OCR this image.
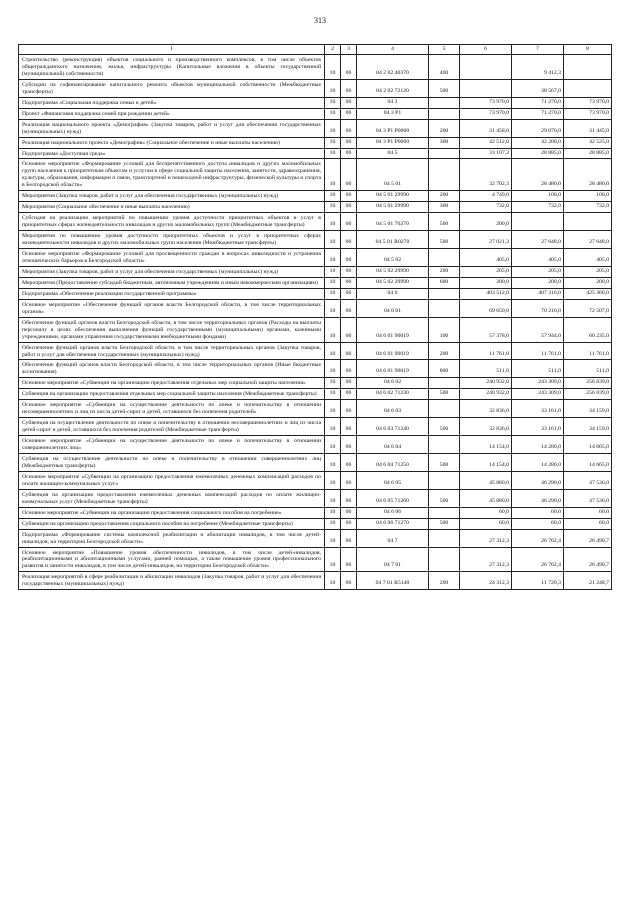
313
1	2	3	4	5	6	7	8
Строительство (реконструкция) объектов социального и производственного комплексов, в том числе объектов общегражданского назначения, жилья, инфраструктуры (Капитальные вложения в объекты государственной (муниципальной) собственности)	10	06	04 2 02 40370	400		9 412,3	
Субсидии на софинансирование капитального ремонта объектов муниципальной собственности (Межбюджетные трансферты)	10	06	04 2 02 72120	500		38 567,0	
Подпрограмма «Социальная поддержка семьи и детей»	10	06	04 3		73 970,0	71 270,0	73 970,0
Проект «Финансовая поддержка семей при рождении детей»	10	06	04 3 P1		73 970,0	71 270,0	73 970,0
Реализация национального проекта «Демография» (Закупка товаров, работ и услуг для обеспечения государственных (муниципальных) нужд)	10	06	04 3 P1 P0000	200	31 458,0	29 070,0	31 445,0
Реализация национального проекта «Демография» (Социальное обеспечение и иные выплаты населению)	10	06	04 3 P1 P0000	300	42 512,0	42 200,0	42 525,0
Подпрограмма «Доступная среда»	10	06	04 5		33 107,3	28 885,0	28 885,0
Основное мероприятие «Формирование условий для беспрепятственного доступа инвалидов и других маломобильных групп населения к приоритетным объектам и услугам в сфере социальной защиты населения, занятости, здравоохранения, культуры, образования, информации и связи, транспортной и пешеходной инфраструктуры, физической культуры и спорта в Белгородской области»	10	06	04 5 01		32 702,3	28 480,0	28 480,0
Мероприятия (Закупка товаров, работ и услуг для обеспечения государственных (муниципальных) нужд)	10	06	04 5 01 29990	200	4 749,0	100,0	100,0
Мероприятия (Социальное обеспечение и иные выплаты населению)	10	06	04 5 01 29990	300	732,0	732,0	732,0
Субсидия на реализацию мероприятий по повышению уровня доступности приоритетных объектов и услуг в приоритетных сферах жизнедеятельности инвалидов и других маломобильных групп (Межбюджетные трансферты)	10	06	04 5 01 70270	500	200,0		
Мероприятия по повышению уровня доступности приоритетных объектов и услуг в приоритетных сферах жизнедеятельности инвалидов и других маломобильных групп населения (Межбюджетные трансферты)	10	06	04 5 01 R0270	500	27 021,3	27 648,0	27 648,0
Основное мероприятие «Формирование условий для просвещенности граждан в вопросах инвалидности и устранения отношенческих барьеров в Белгородской области»	10	06	04 5 02		405,0	405,0	405,0
Мероприятия (Закупка товаров, работ и услуг для обеспечения государственных (муниципальных) нужд)	10	06	04 5 02 29990	200	205,0	205,0	205,0
Мероприятия (Предоставление субсидий бюджетным, автономным учреждениям и иным некоммерческим организациям)	10	06	04 5 02 29990	600	200,0	200,0	200,0
Подпрограмма «Обеспечение реализации государственной программы»	10	06	04 6		403 512,0	407 316,0	425 366,0
Основное мероприятие «Обеспечение функций органов власти Белгородской области, в том числе территориальных органов»	10	06	04 6 01		69 650,0	70 216,0	72 507,0
Обеспечение функций органов власти Белгородской области, в том числе территориальных органов (Расходы на выплаты персоналу в целях обеспечения выполнения функций государственными (муниципальными) органами, казенными учреждениями, органами управления государственными внебюджетными фондами)	10	06	04 6 01 90019	100	57 378,0	57 944,0	60 235,0
Обеспечение функций органов власти Белгородской области, в том числе территориальных органов (Закупка товаров, работ и услуг для обеспечения государственных (муниципальных) нужд)	10	06	04 6 01 90019	200	11 761,0	11 761,0	11 761,0
Обеспечение функций органов власти Белгородской области, в том числе территориальных органов (Иные бюджетные ассигнования)	10	06	04 6 01 90019	800	511,0	511,0	511,0
Основное мероприятие «Субвенции на организацию предоставления отдельных мер социальной защиты населения»	10	06	04 6 02		240 932,0	243 309,0	256 839,0
Субвенция на организацию предоставления отдельных мер социальной защиты населения (Межбюджетные трансферты)	10	06	04 6 02 71230	500	240 932,0	243 309,0	256 839,0
Основное мероприятие «Субвенции на осуществление деятельности по опеке и попечительству в отношении несовершеннолетних и лиц из числа детей-сирот и детей, оставшихся без попечения родителей»	10	06	04 6 03		32 836,0	33 161,0	34 159,0
Субвенция на осуществление деятельности по опеке и попечительству в отношении несовершеннолетних и лиц из числа детей-сирот и детей, оставшихся без попечения родителей (Межбюджетные трансферты)	10	06	04 6 03 71240	500	32 836,0	33 161,0	34 159,0
Основное мероприятие «Субвенции на осуществление деятельности по опеке и попечительству в отношении совершеннолетних лиц»	10	06	04 6 04		14 154,0	14 280,0	14 665,0
Субвенция на осуществление деятельности по опеке и попечительству в отношении совершеннолетних лиц (Межбюджетные трансферты)	10	06	04 6 04 71250	500	14 154,0	14 280,0	14 665,0
Основное мероприятие «Субвенции на организацию предоставления ежемесячных денежных компенсаций расходов по оплате жилищно-коммунальных услуг»	10	06	04 6 05		45 880,0	46 290,0	47 536,0
Субвенция на организацию предоставления ежемесячных денежных компенсаций расходов по оплате жилищно-коммунальных услуг (Межбюджетные трансферты)	10	06	04 6 05 71260	500	45 880,0	46 290,0	47 536,0
Основное мероприятие «Субвенции на организацию предоставления социального пособия на погребение»	10	06	04 6 06		60,0	60,0	60,0
Субвенции на организацию предоставления социального пособия на погребение (Межбюджетные трансферты)	10	06	04 6 06 71270	500	60,0	60,0	60,0
Подпрограмма «Формирование системы комплексной реабилитации и абилитации инвалидов, в том числе детей-инвалидов, на территории Белгородской области»	10	06	04 7		27 312,3	26 762,4	26 490,7
Основное мероприятие «Повышение уровня обеспеченности инвалидов, в том числе детей-инвалидов, реабилитационными и абилитационными услугами, ранней помощью, а также повышение уровня профессионального развития и занятости инвалидов, в том числе детей-инвалидов, на территории Белгородской области»	10	06	04 7 01		27 312,3	26 762,4	26 490,7
Реализация мероприятий в сфере реабилитации и абилитации инвалидов (Закупка товаров, работ и услуг для обеспечения государственных (муниципальных) нужд)	10	06	04 7 01 R5140	200	24 312,3	11 720,3	21 248,7
